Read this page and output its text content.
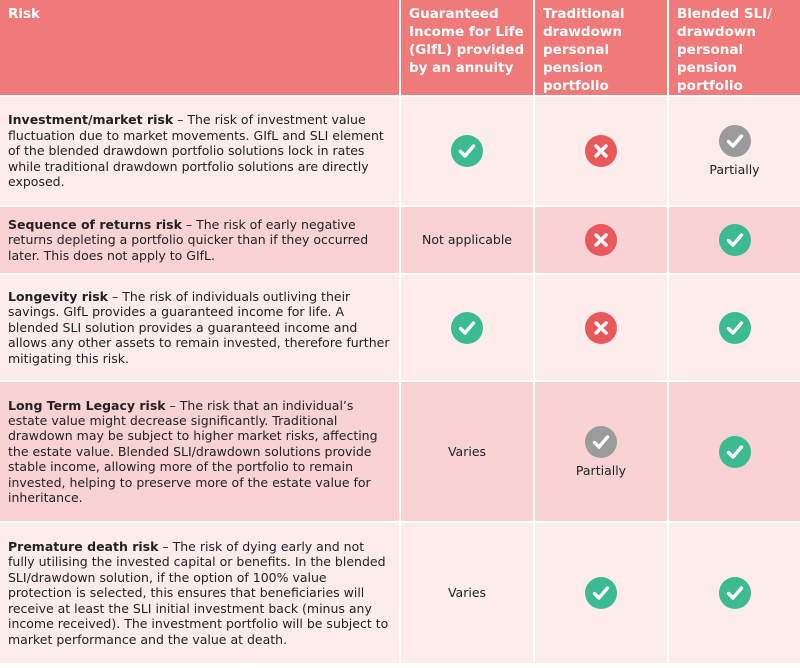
Risk	Guaranteed Income for Life (GIfL) provided by an annuity	Traditional drawdown personal pension portfolio	Blended SLI/ drawdown personal pension portfolio
Investment/market risk – The risk of investment value fluctuation due to market movements. GIfL and SLI element of the blended drawdown portfolio solutions lock in rates while traditional drawdown portfolio solutions are directly exposed.			Partially

Sequence of returns risk – The risk of early negative returns depleting a portfolio quicker than if they occurred later. This does not apply to GIfL.	Not applicable		
Longevity risk – The risk of individuals outliving their savings. GIfL provides a guaranteed income for life. A blended SLI solution provides a guaranteed income and allows any other assets to remain invested, therefore further mitigating this risk.			
Long Term Legacy risk – The risk that an individual’s estate value might decrease significantly. Traditional drawdown may be subject to higher market risks, affecting the estate value. Blended SLI/drawdown solutions provide stable income, allowing more of the portfolio to remain invested, helping to preserve more of the estate value for inheritance.	Varies	Partially

Premature death risk – The risk of dying early and not fully utilising the invested capital or benefits. In the blended SLI/drawdown solution, if the option of 100% value protection is selected, this ensures that beneficiaries will receive at least the SLI initial investment back (minus any income received). The investment portfolio will be subject to market performance and the value at death.	Varies		
